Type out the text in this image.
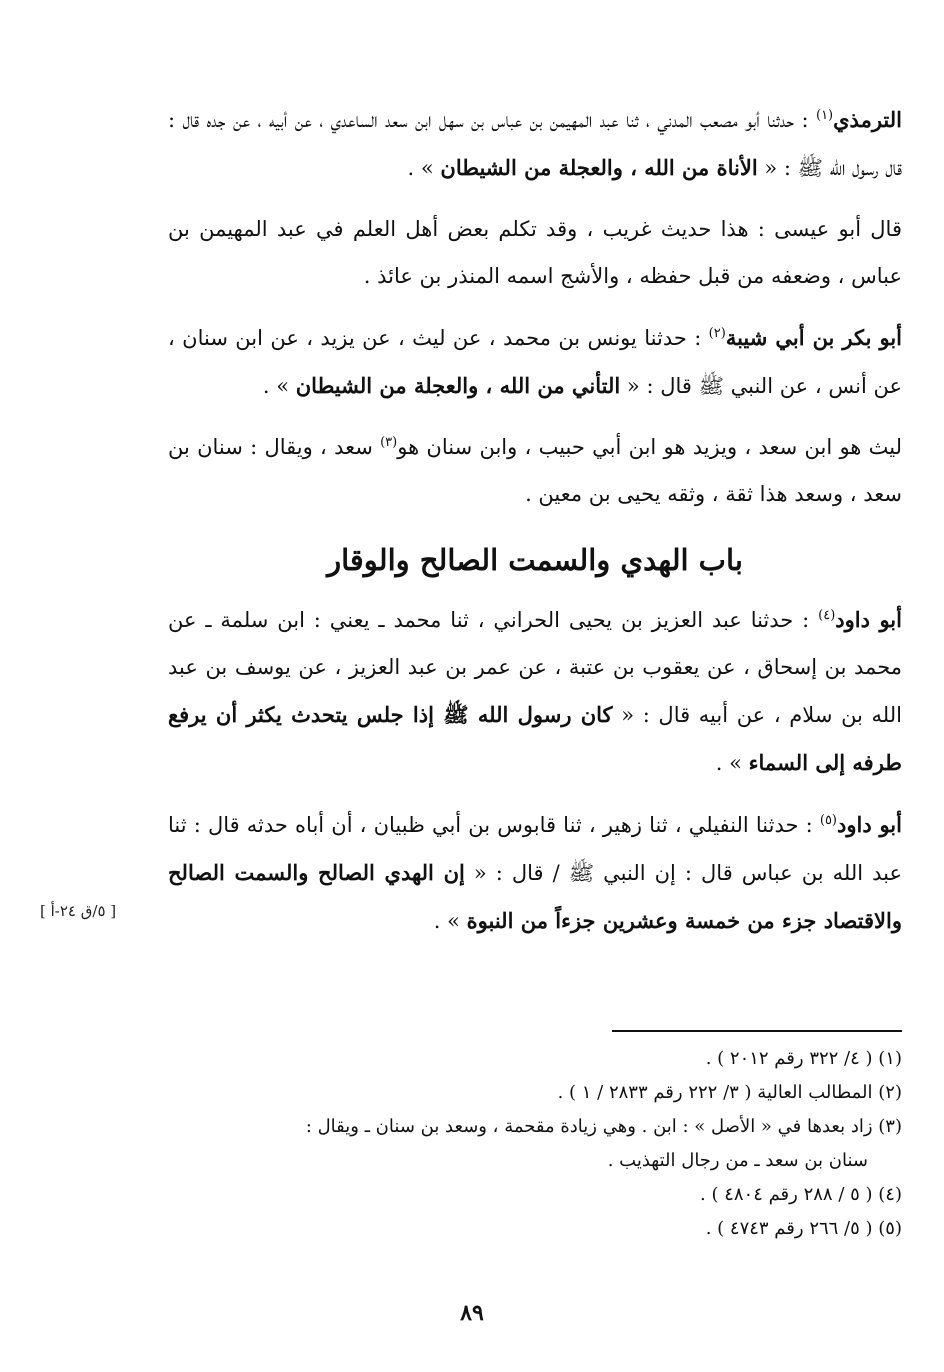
الترمذي$^{(١)}$ : حدثنا أبو مصعب المدني ، ثنا عبد المهيمن بن عباس بن سهل ابن سعد الساعدي ، عن أبيه ، عن جده قال : قال رسول الله ﷺ : « الأناة من الله ، والعجلة من الشيطان » .

قال أبو عيسى : هذا حديث غريب ، وقد تكلم بعض أهل العلم في عبد المهيمن بن عباس ، وضعفه من قبل حفظه ، والأشج اسمه المنذر بن عائذ .

أبو بكر بن أبي شيبة$^{(٢)}$ : حدثنا يونس بن محمد ، عن ليث ، عن يزيد ، عن ابن سنان ، عن أنس ، عن النبي ﷺ قال : « التأني من الله ، والعجلة من الشيطان » .

ليث هو ابن سعد ، ويزيد هو ابن أبي حبيب ، وابن سنان هو$^{(٣)}$ سعد ، ويقال : سنان بن سعد ، وسعد هذا ثقة ، وثقه يحيى بن معين .

باب الهدي والسمت الصالح والوقار

أبو داود$^{(٤)}$ : حدثنا عبد العزيز بن يحيى الحراني ، ثنا محمد ـ يعني : ابن سلمة ـ عن محمد بن إسحاق ، عن يعقوب بن عتبة ، عن عمر بن عبد العزيز ، عن يوسف بن عبد الله بن سلام ، عن أبيه قال : « كان رسول الله ﷺ إذا جلس يتحدث يكثر أن يرفع طرفه إلى السماء » .

أبو داود$^{(٥)}$ : حدثنا النفيلي ، ثنا زهير ، ثنا قابوس بن أبي ظبيان ، أن أباه حدثه قال : ثنا عبد الله بن عباس قال : إن النبي ﷺ / قال : « إن الهدي الصالح والسمت الصالح والاقتصاد جزء من خمسة وعشرين جزءاً من النبوة » .

[ ٥/ق ٢٤-أ ]

(١) ( ٤/ ٣٢٢ رقم ٢٠١٢ ) .

(٢) المطالب العالية ( ٣/ ٢٢٢ رقم ٢٨٣٣ / ١ ) .

(٣) زاد بعدها في « الأصل » : ابن . وهي زيادة مقحمة ، وسعد بن سنان ـ ويقال :

سنان بن سعد ـ من رجال التهذيب .

(٤) ( ٥ / ٢٨٨ رقم ٤٨٠٤ ) .

(٥) ( ٥/ ٢٦٦ رقم ٤٧٤٣ ) .

٨٩
